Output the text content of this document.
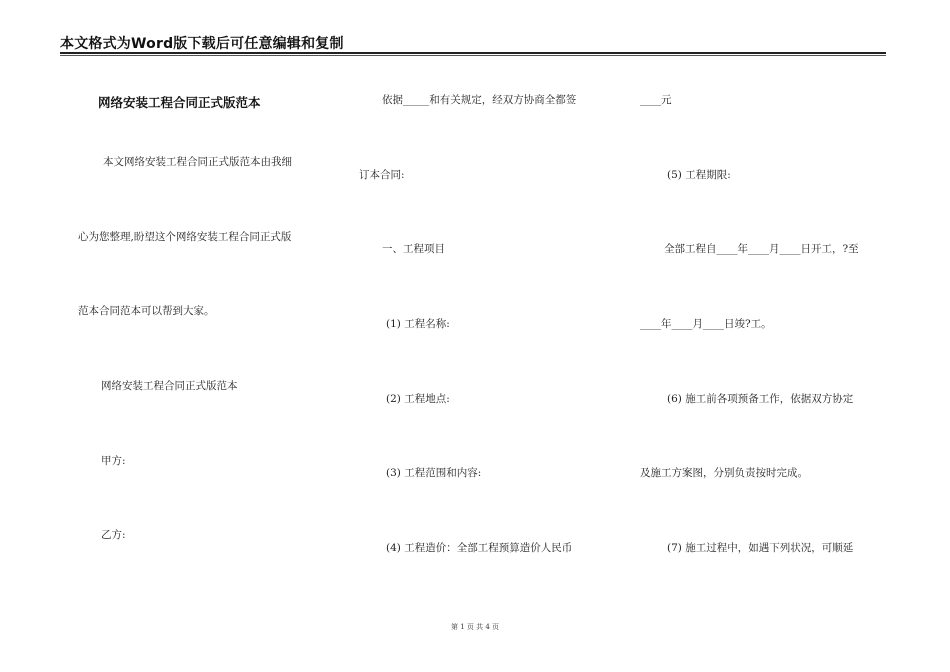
本文格式为Word版下载后可任意编辑和复制
网络安装工程合同正式版范本
本文网络安装工程合同正式版范本由我细
心为您整理,盼望这个网络安装工程合同正式版
范本合同范本可以帮到大家。
网络安装工程合同正式版范本
甲方:
乙方:
依据_____和有关规定，经双方协商全都签
订本合同:
一、工程项目
(1) 工程名称:
(2) 工程地点:
(3) 工程范围和内容:
(4) 工程造价：全部工程预算造价人民币
____元
(5) 工程期限:
全部工程自____年____月____日开工，?至
____年____月____日竣?工。
(6) 施工前各项预备工作，依据双方协定
及施工方案图，分别负责按时完成。
(7) 施工过程中，如遇下列状况，可顺延
第 1 页 共 4 页
